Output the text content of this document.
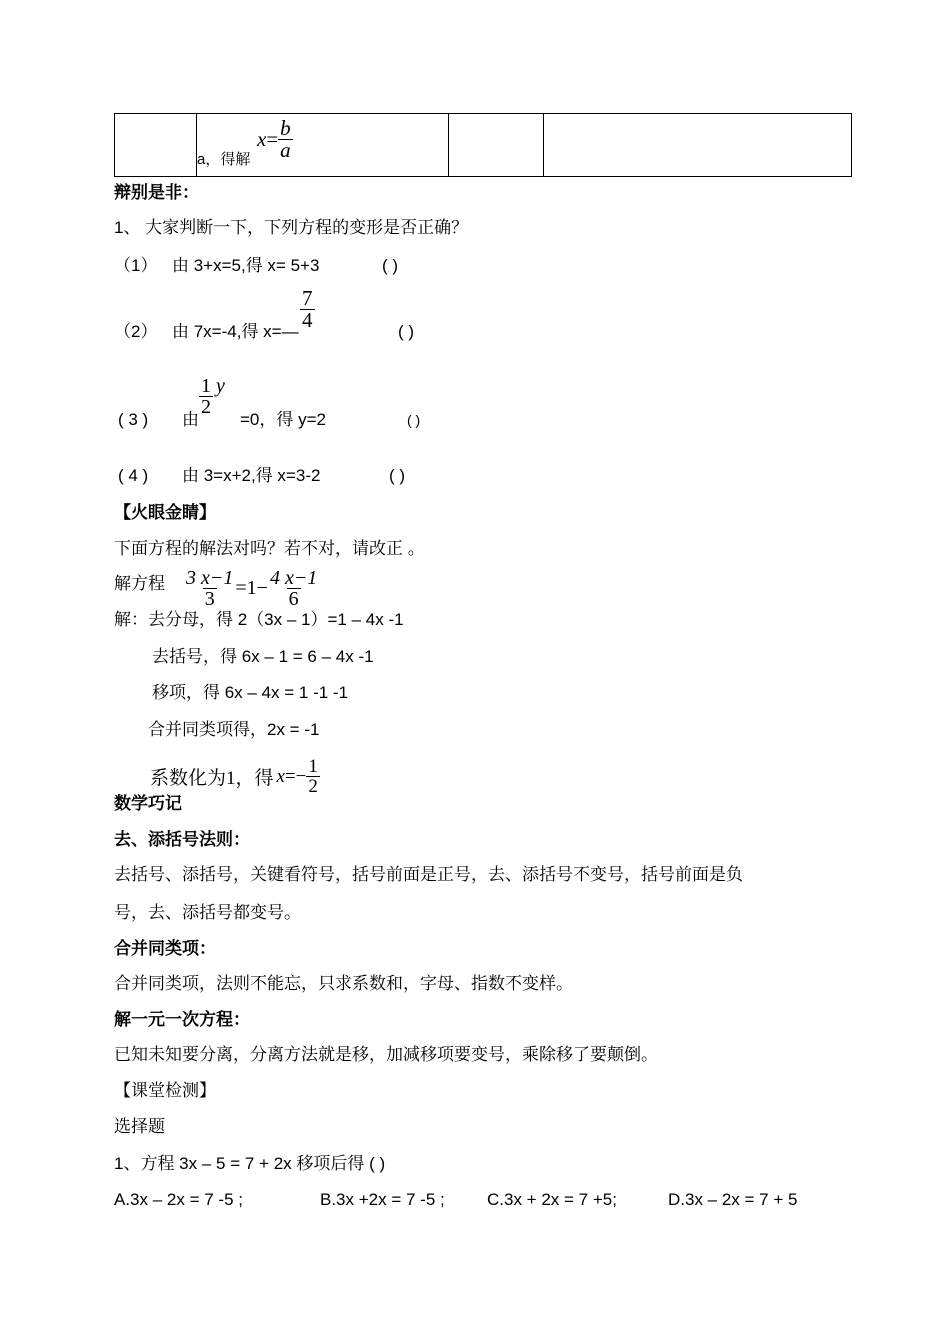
a，得解
$x = \frac{b}{a}$

辩别是非：
1、 大家判断一下，下列方程的变形是否正确？
（1） 由 3+x=5,得 x= 5+3	( )
（2） 由 7x=-4,得 x=—
$\frac{7}{4}$
( )
( 3 ) 由
$\frac{1}{2}$ y
=0，得 y=2	( )
( 4 ) 由 3=x+2,得 x=3-2	( )
【火眼金睛】
下面方程的解法对吗？若不对，请改正 。
解方程 $\frac{3 x-1}{3} =1- \frac{4 x-1}{6}$
解：去分母，得 2（3x – 1）=1 – 4x -1
去括号，得 6x – 1 = 6 – 4x -1
移项，得 6x – 4x = 1 -1 -1
合并同类项得，2x = -1
系数化为1，得 $x =- \frac{1}{2}$
数学巧记
去、添括号法则：
去括号、添括号，关键看符号，括号前面是正号，去、添括号不变号，括号前面是负
号，去、添括号都变号。
合并同类项：
合并同类项，法则不能忘，只求系数和，字母、指数不变样。
解一元一次方程：
已知未知要分离，分离方法就是移，加减移项要变号，乘除移了要颠倒。
【课堂检测】
选择题
1、方程 3x – 5 = 7 + 2x 移项后得 ( )
A.3x – 2x = 7 -5 ;	B.3x +2x = 7 -5 ; C.3x + 2x = 7 +5;	D.3x – 2x = 7 + 5
